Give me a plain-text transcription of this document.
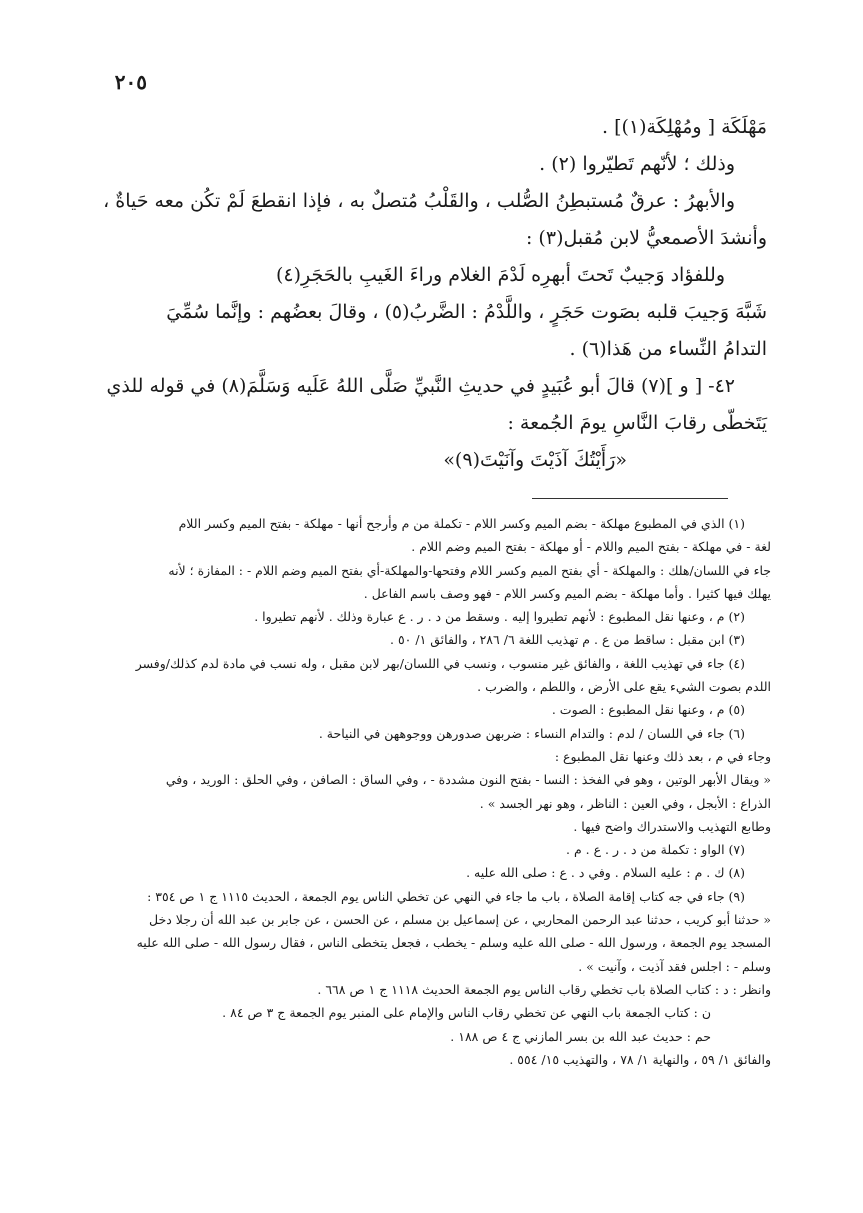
٢٠٥

مَهْلَكَة [ ومُهْلِكَة(١)] .

وذلك ؛ لأنّهم تَطيّروا (٢) .

والأبهرُ : عرقٌ مُستبطِنُ الصُّلب ، والقَلْبُ مُتصلٌ به ، فإذا انقطعَ لَمْ تكُن معه حَياةٌ ،

وأنشدَ الأصمعيُّ لابن مُقبل(٣) :

وللفؤاد وَجيبٌ تَحتَ أبهرِه لَدْمَ الغلام وراءَ الغَيبِ بالحَجَرِ(٤)

شَبَّهَ وَجيبَ قلبه بصَوت حَجَرٍ ، واللَّدْمُ : الضَّربُ(٥) ، وقالَ بعضُهم : وإنَّما سُمِّيَ

التدامُ النِّساء من هَذا(٦) .

٤٢- [ و ](٧) قالَ أبو عُبَيدٍ في حديثِ النَّبيِّ صَلَّى اللهُ عَلَيه وَسَلَّمَ(٨) في قوله للذي

يَتَخطّى رقابَ النَّاسِ يومَ الجُمعة :

«رَأَيْتُكَ آذَيْتَ وآنَيْتَ(٩)»

(١) الذي في المطبوع مهلكة - بضم الميم وكسر اللام - تكملة من م وأرجح أنها - مهلكة - بفتح الميم وكسر اللام

لغة - في مهلكة - بفتح الميم واللام - أو مهلكة - بفتح الميم وضم اللام .

جاء في اللسان/هلك : والمهلكة - أي بفتح الميم وكسر اللام وفتحها-والمهلكة-أي بفتح الميم وضم اللام - : المفازة ؛ لأنه

يهلك فيها كثيرا . وأما مهلكة - بضم الميم وكسر اللام - فهو وصف باسم الفاعل .

(٢) م ، وعنها نقل المطبوع : لأنهم تطيروا إليه . وسقط من د . ر . ع عبارة وذلك . لأنهم تطيروا .

(٣) ابن مقبل : ساقط من ع . م تهذيب اللغة ٦/ ٢٨٦ ، والفائق ١/ ٥٠ .

(٤) جاء في تهذيب اللغة ، والفائق غير منسوب ، ونسب في اللسان/بهر لابن مقبل ، وله نسب في مادة لدم كذلك/وفسر

اللدم بصوت الشيء يقع على الأرض ، واللطم ، والضرب .

(٥) م ، وعنها نقل المطبوع : الصوت .

(٦) جاء في اللسان / لدم : والتدام النساء : ضربهن صدورهن ووجوههن في النياحة .

وجاء في م ، بعد ذلك وعنها نقل المطبوع :

« ويقال الأبهر الوتين ، وهو في الفخذ : النسا - بفتح النون مشددة - ، وفي الساق : الصافن ، وفي الحلق : الوريد ، وفي

الذراع : الأبجل ، وفي العين : الناظر ، وهو نهر الجسد » .

وطابع التهذيب والاستدراك واضح فيها .

(٧) الواو : تكملة من د . ر . ع . م .

(٨) ك . م : عليه السلام . وفي د . ع : صلى الله عليه .

(٩) جاء في جه كتاب إقامة الصلاة ، باب ما جاء في النهي عن تخطي الناس يوم الجمعة ، الحديث ١١١٥ ج ١ ص ٣٥٤ :

« حدثنا أبو كريب ، حدثنا عبد الرحمن المحاربي ، عن إسماعيل بن مسلم ، عن الحسن ، عن جابر بن عبد الله أن رجلا دخل

المسجد يوم الجمعة ، ورسول الله - صلى الله عليه وسلم - يخطب ، فجعل يتخطى الناس ، فقال رسول الله - صلى الله عليه

وسلم - : اجلس فقد آذيت ، وآنيت » .

وانظر : د : كتاب الصلاة باب تخطي رقاب الناس يوم الجمعة الحديث ١١١٨ ج ١ ص ٦٦٨ .

ن : كتاب الجمعة باب النهي عن تخطي رقاب الناس والإمام على المنبر يوم الجمعة ج ٣ ص ٨٤ .

حم : حديث عبد الله بن بسر المازني ج ٤ ص ١٨٨ .

والفائق ١/ ٥٩ ، والنهاية ١/ ٧٨ ، والتهذيب ١٥/ ٥٥٤ .
